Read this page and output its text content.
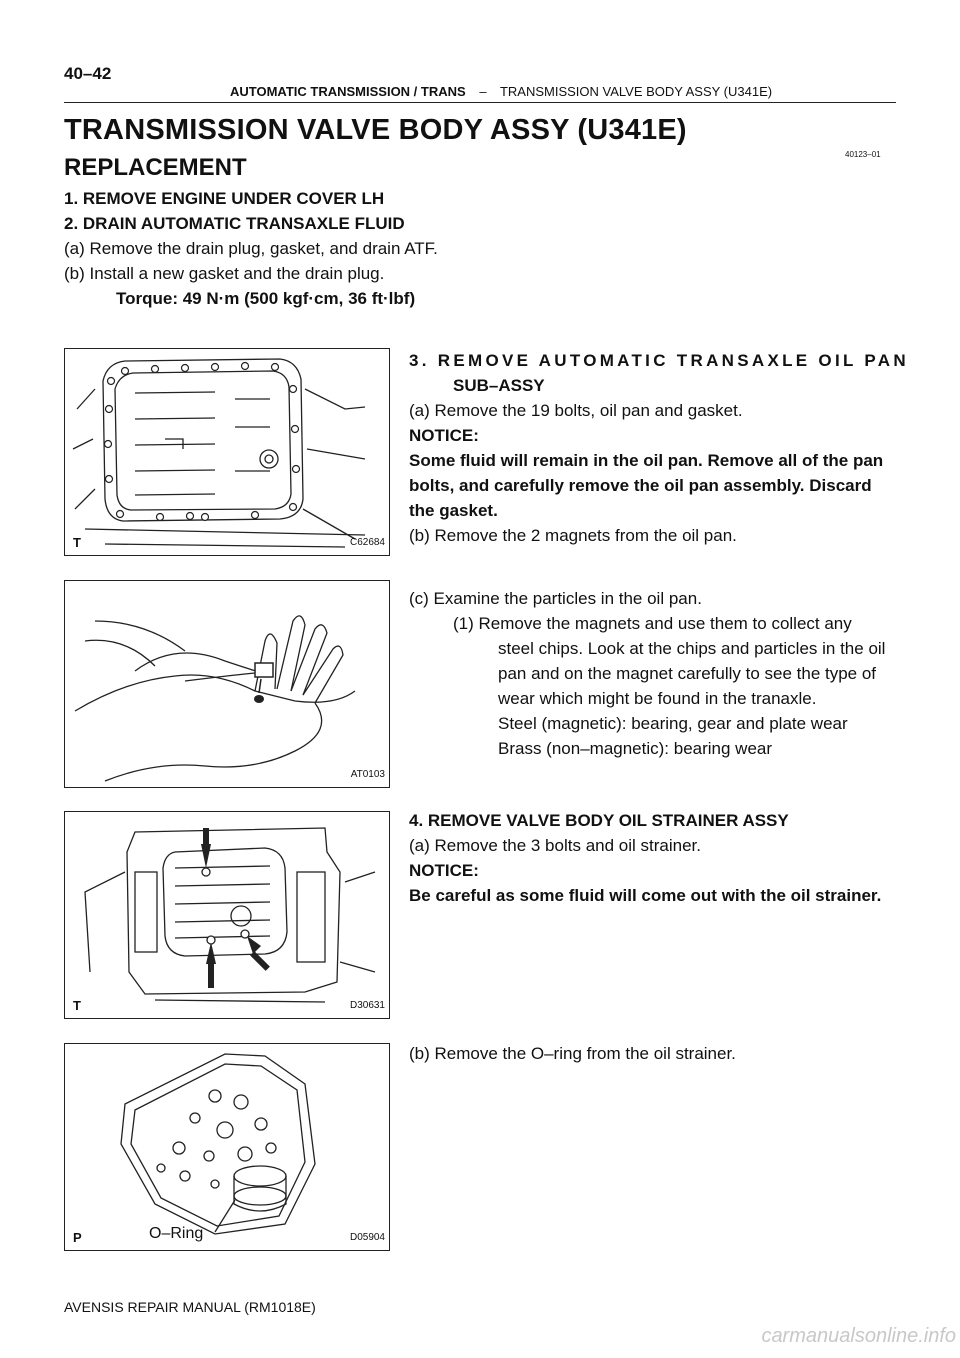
40–42
AUTOMATIC TRANSMISSION / TRANS – TRANSMISSION VALVE BODY ASSY (U341E)
TRANSMISSION VALVE BODY ASSY (U341E)
40123–01
REPLACEMENT
1. REMOVE ENGINE UNDER COVER LH
2. DRAIN AUTOMATIC TRANSAXLE FLUID
(a) Remove the drain plug, gasket, and drain ATF.
(b) Install a new gasket and the drain plug.
Torque: 49 N·m (500 kgf·cm, 36 ft·lbf)
3. REMOVE AUTOMATIC TRANSAXLE OIL PAN
SUB–ASSY
(a) Remove the 19 bolts, oil pan and gasket.
NOTICE:
Some fluid will remain in the oil pan. Remove all of the pan
bolts, and carefully remove the oil pan assembly. Discard
the gasket.
(b) Remove the 2 magnets from the oil pan.
(c) Examine the particles in the oil pan.
(1) Remove the magnets and use them to collect any
steel chips. Look at the chips and particles in the oil
pan and on the magnet carefully to see the type of
wear which might be found in the tranaxle.
Steel (magnetic): bearing, gear and plate wear
Brass (non–magnetic): bearing wear
4. REMOVE VALVE BODY OIL STRAINER ASSY
(a) Remove the 3 bolts and oil strainer.
NOTICE:
Be careful as some fluid will come out with the oil strainer.
(b) Remove the O–ring from the oil strainer.
T	C62684
AT0103
T	D30631
O–Ring
P	D05904
AVENSIS REPAIR MANUAL (RM1018E)
carmanualsonline.info
